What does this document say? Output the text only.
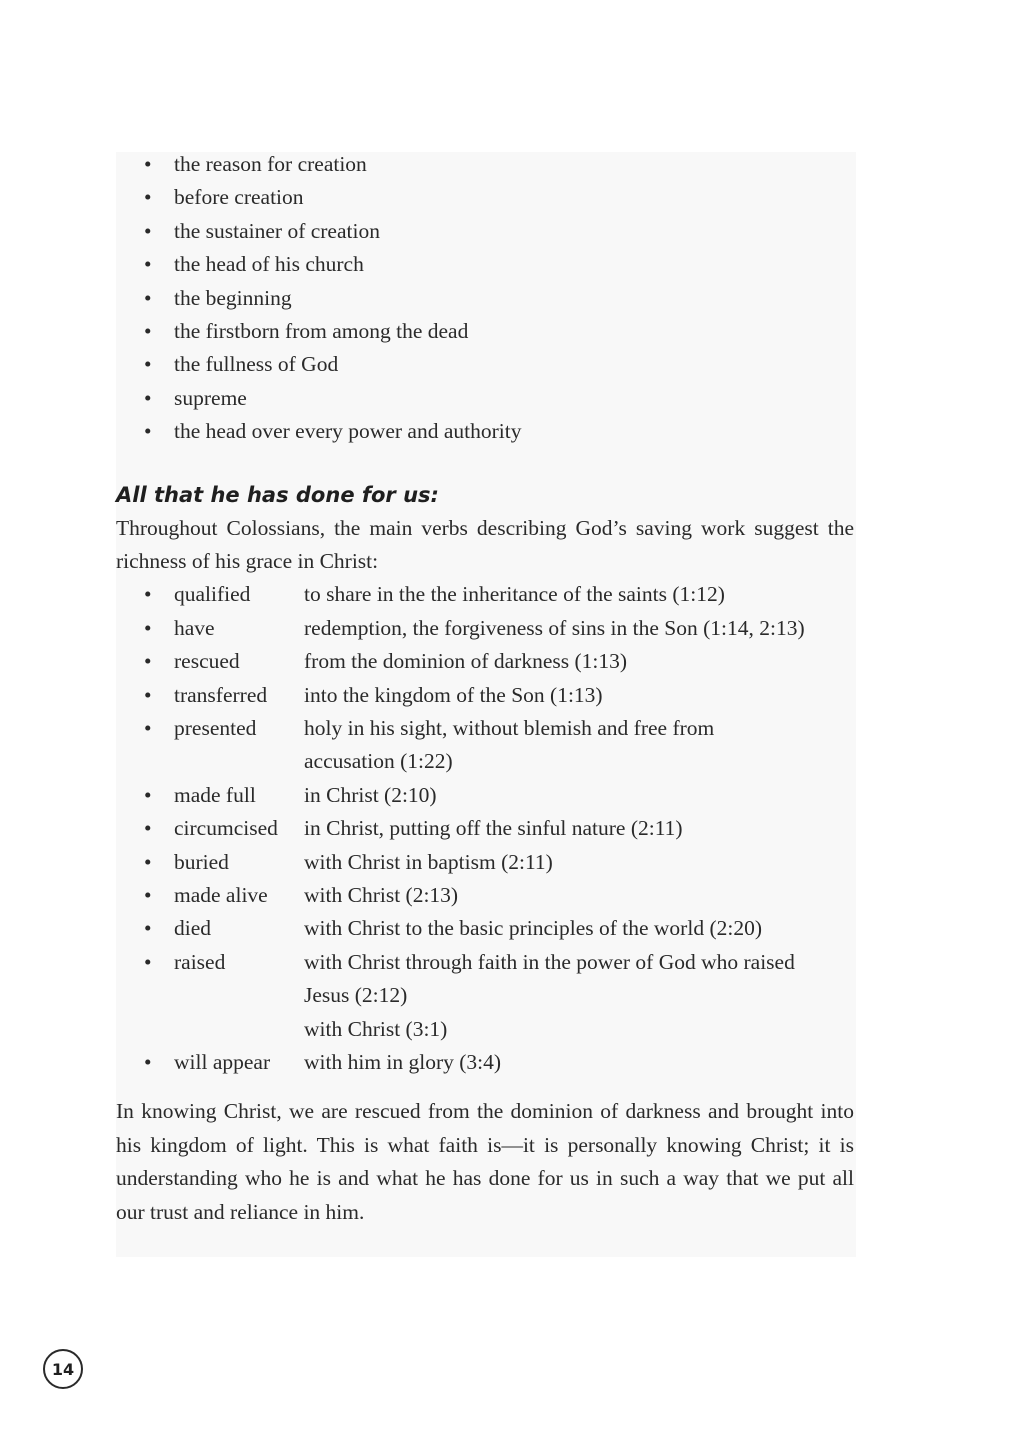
• the reason for creation
• before creation
• the sustainer of creation
• the head of his church
• the beginning
• the firstborn from among the dead
• the fullness of God
• supreme
• the head over every power and authority
All that he has done for us:

Throughout Colossians, the main verbs describing God’s saving work suggest the richness of his grace in Christ:

• qualified	to share in the the inheritance of the saints (1:12)
• have	redemption, the forgiveness of sins in the Son (1:14, 2:13)
• rescued	from the dominion of darkness (1:13)
• transferred	into the kingdom of the Son (1:13)
• presented	holy in his sight, without blemish and free from
accusation (1:22)
• made full	in Christ (2:10)
• circumcised	in Christ, putting off the sinful nature (2:11)
• buried	with Christ in baptism (2:11)
• made alive	with Christ (2:13)
• died	with Christ to the basic principles of the world (2:20)
• raised	with Christ through faith in the power of God who raised
Jesus (2:12)
with Christ (3:1)
• will appear	with him in glory (3:4)

In knowing Christ, we are rescued from the dominion of darkness and brought into his kingdom of light. This is what faith is—it is personally knowing Christ; it is understanding who he is and what he has done for us in such a way that we put all our trust and reliance in him.

14
